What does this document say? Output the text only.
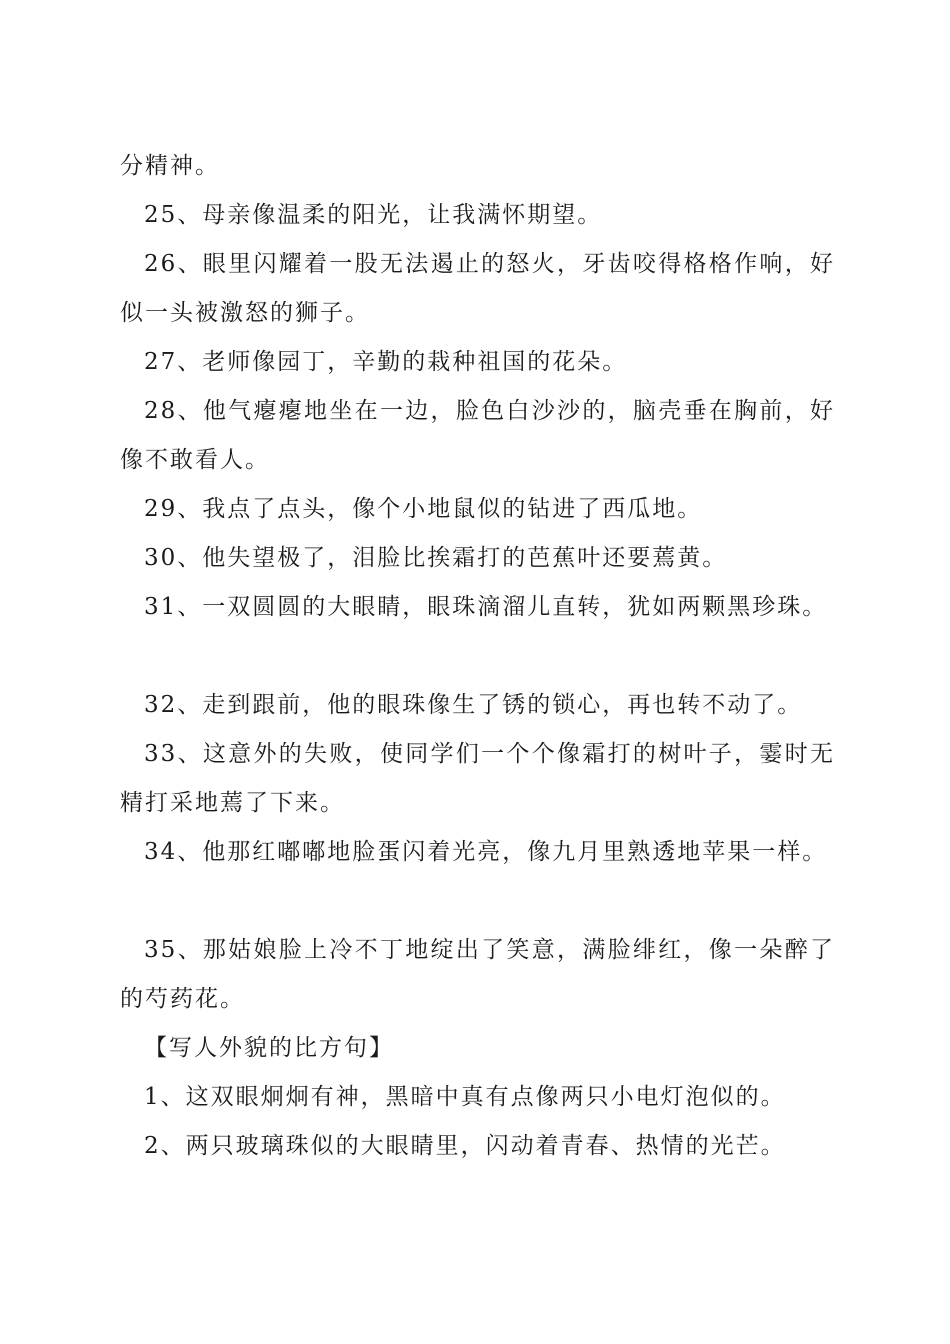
分精神。

25、母亲像温柔的阳光，让我满怀期望。

26、眼里闪耀着一股无法遏止的怒火，牙齿咬得格格作响，好似一头被激怒的狮子。

27、老师像园丁，辛勤的栽种祖国的花朵。

28、他气瘪瘪地坐在一边，脸色白沙沙的，脑壳垂在胸前，好像不敢看人。

29、我点了点头，像个小地鼠似的钻进了西瓜地。

30、他失望极了，泪脸比挨霜打的芭蕉叶还要蔫黄。

31、一双圆圆的大眼睛，眼珠滴溜儿直转，犹如两颗黑珍珠。

32、走到跟前，他的眼珠像生了锈的锁心，再也转不动了。

33、这意外的失败，使同学们一个个像霜打的树叶子，霎时无精打采地蔫了下来。

34、他那红嘟嘟地脸蛋闪着光亮，像九月里熟透地苹果一样。

35、那姑娘脸上冷不丁地绽出了笑意，满脸绯红，像一朵醉了的芍药花。

【写人外貌的比方句】

1、这双眼炯炯有神，黑暗中真有点像两只小电灯泡似的。

2、两只玻璃珠似的大眼睛里，闪动着青春、热情的光芒。
